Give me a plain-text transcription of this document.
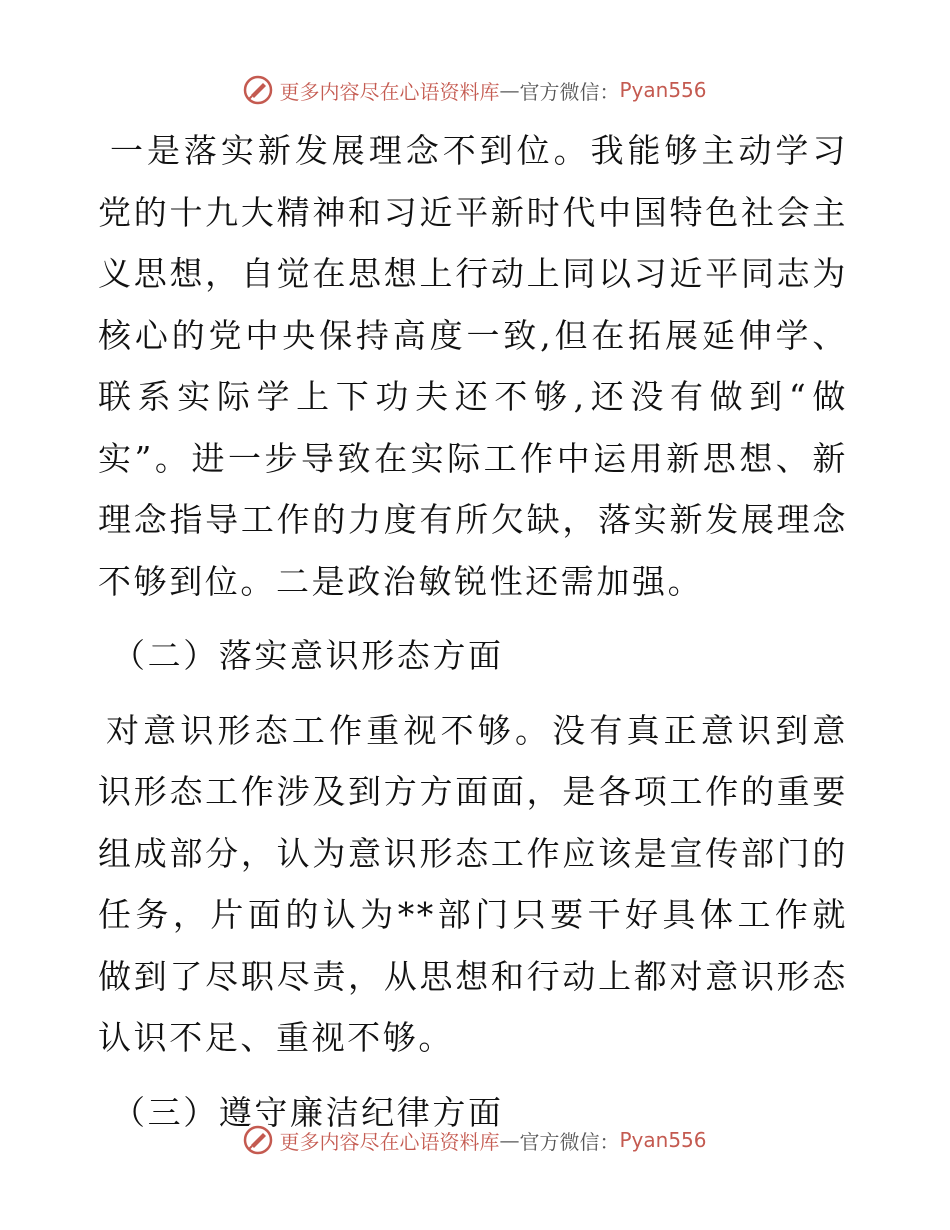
更多内容尽在心语资料库 — 官方微信： Pyan556

一是落实新发展理念不到位。我能够主动学习党的十九大精神和习近平新时代中国特色社会主义思想，自觉在思想上行动上同以习近平同志为核心的党中央保持高度一致,但在拓展延伸学、联系实际学上下功夫还不够,还没有做到“做实”。进一步导致在实际工作中运用新思想、新理念指导工作的力度有所欠缺，落实新发展理念不够到位。二是政治敏锐性还需加强。

（二）落实意识形态方面

对意识形态工作重视不够。没有真正意识到意识形态工作涉及到方方面面，是各项工作的重要组成部分，认为意识形态工作应该是宣传部门的任务，片面的认为**部门只要干好具体工作就做到了尽职尽责，从思想和行动上都对意识形态认识不足、重视不够。

（三）遵守廉洁纪律方面

更多内容尽在心语资料库 — 官方微信： Pyan556
